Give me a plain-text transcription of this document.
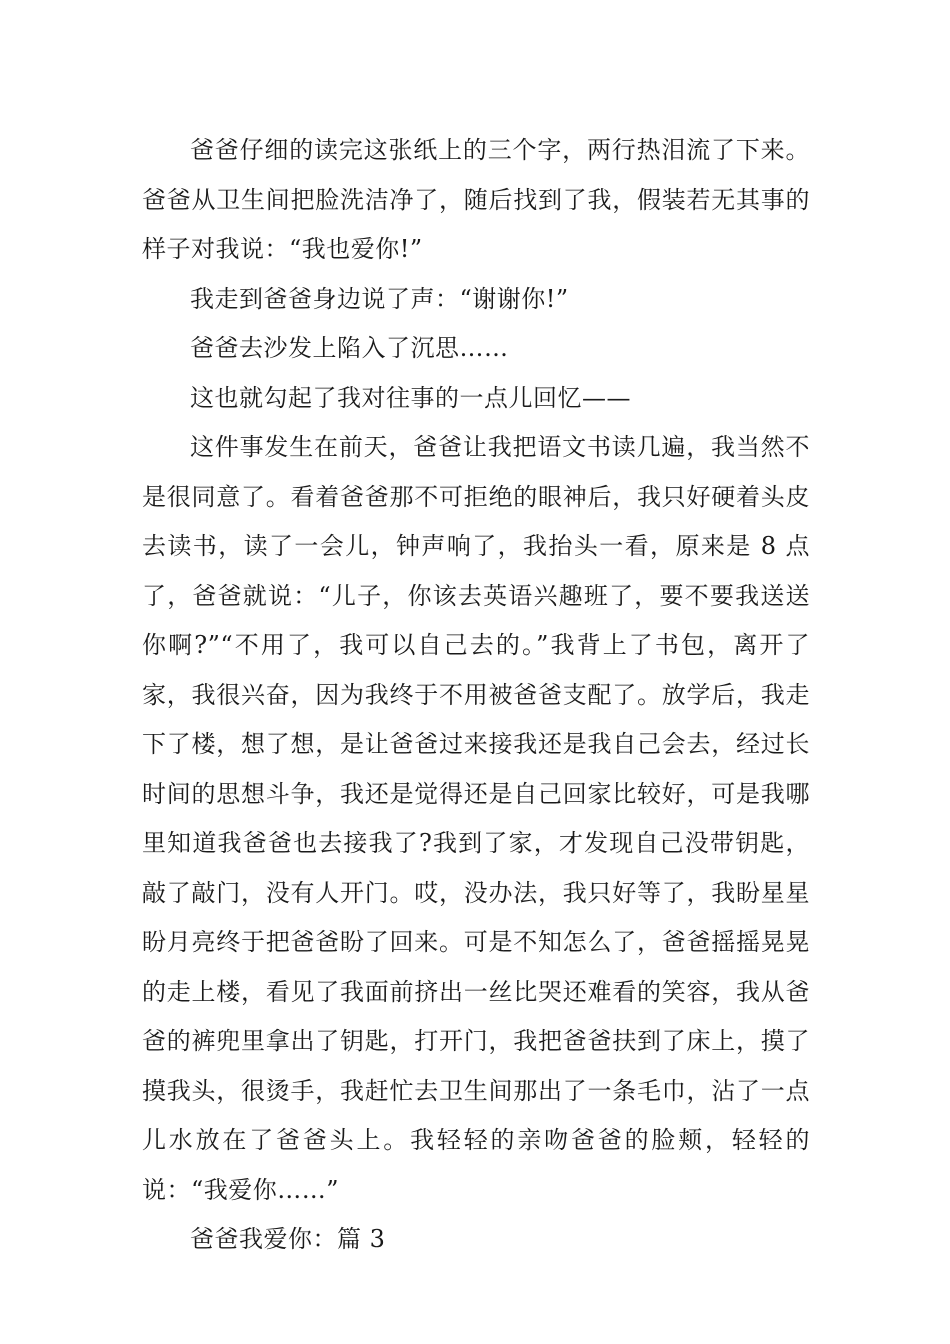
爸爸仔细的读完这张纸上的三个字，两行热泪流了下来。爸爸从卫生间把脸洗洁净了，随后找到了我，假装若无其事的样子对我说：“我也爱你!”

我走到爸爸身边说了声：“谢谢你!”

爸爸去沙发上陷入了沉思……

这也就勾起了我对往事的一点儿回忆——

这件事发生在前天，爸爸让我把语文书读几遍，我当然不是很同意了。看着爸爸那不可拒绝的眼神后，我只好硬着头皮去读书，读了一会儿，钟声响了，我抬头一看，原来是 8 点了，爸爸就说：“儿子，你该去英语兴趣班了，要不要我送送你啊?”“不用了，我可以自己去的。”我背上了书包，离开了家，我很兴奋，因为我终于不用被爸爸支配了。放学后，我走下了楼，想了想，是让爸爸过来接我还是我自己会去，经过长时间的思想斗争，我还是觉得还是自己回家比较好，可是我哪里知道我爸爸也去接我了?我到了家，才发现自己没带钥匙，敲了敲门，没有人开门。哎，没办法，我只好等了，我盼星星盼月亮终于把爸爸盼了回来。可是不知怎么了，爸爸摇摇晃晃的走上楼，看见了我面前挤出一丝比哭还难看的笑容，我从爸爸的裤兜里拿出了钥匙，打开门，我把爸爸扶到了床上，摸了摸我头，很烫手，我赶忙去卫生间那出了一条毛巾，沾了一点儿水放在了爸爸头上。我轻轻的亲吻爸爸的脸颊，轻轻的说：“我爱你……”

爸爸我爱你：篇 3
